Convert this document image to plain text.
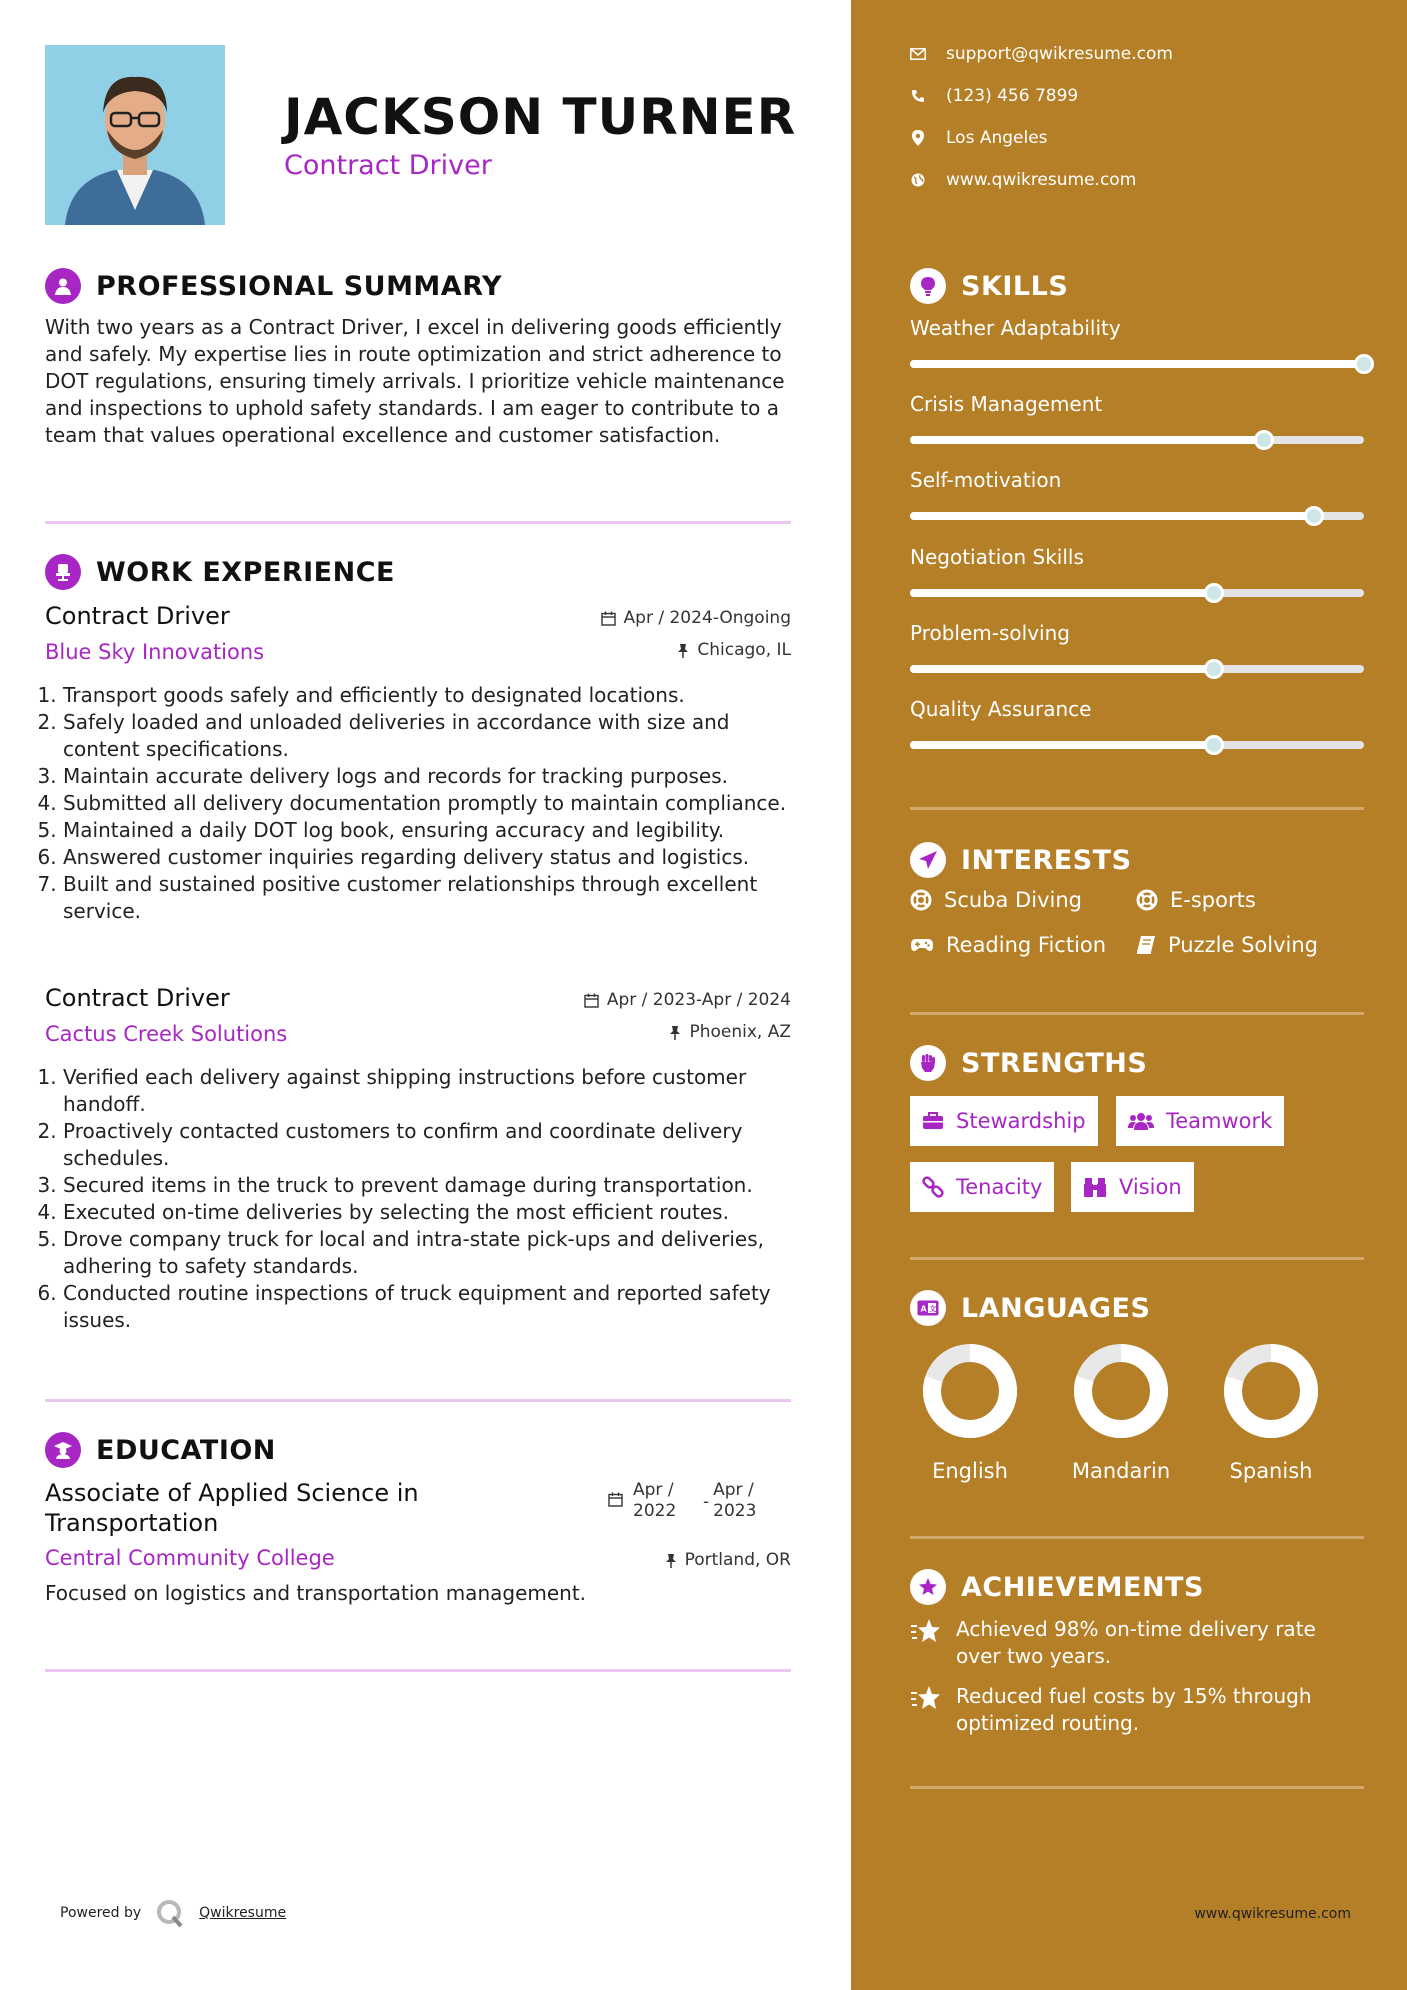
JACKSON TURNER
Contract Driver
PROFESSIONAL SUMMARY

With two years as a Contract Driver, I excel in delivering goods efficiently and safely. My expertise lies in route optimization and strict adherence to DOT regulations, ensuring timely arrivals. I prioritize vehicle maintenance and inspections to uphold safety standards. I am eager to contribute to a team that values operational excellence and customer satisfaction.

WORK EXPERIENCE
Contract Driver
Blue Sky Innovations
Apr / 2024-Ongoing
Chicago, IL
1. Transport goods safely and efficiently to designated locations.
2. Safely loaded and unloaded deliveries in accordance with size and content specifications.
3. Maintain accurate delivery logs and records for tracking purposes.
4. Submitted all delivery documentation promptly to maintain compliance.
5. Maintained a daily DOT log book, ensuring accuracy and legibility.
6. Answered customer inquiries regarding delivery status and logistics.
7. Built and sustained positive customer relationships through excellent service.
Contract Driver
Cactus Creek Solutions
Apr / 2023-Apr / 2024
Phoenix, AZ
1. Verified each delivery against shipping instructions before customer handoff.
2. Proactively contacted customers to confirm and coordinate delivery schedules.
3. Secured items in the truck to prevent damage during transportation.
4. Executed on-time deliveries by selecting the most efficient routes.
5. Drove company truck for local and intra-state pick-ups and deliveries, adhering to safety standards.
6. Conducted routine inspections of truck equipment and reported safety issues.
EDUCATION
Associate of Applied Science in
Transportation
Central Community College
Apr /
2022	-
Apr /
2023
Portland, OR

Focused on logistics and transportation management.

Powered by	Qwikresume	www.qwikresume.com
support@qwikresume.com
(123) 456 7899
Los Angeles
www.qwikresume.com
SKILLS
Weather Adaptability
Crisis Management
Self-motivation
Negotiation Skills
Problem-solving
Quality Assurance
INTERESTS
Scuba Diving	E-sports
Reading Fiction	Puzzle Solving
STRENGTHS
Stewardship	Teamwork
Tenacity	Vision
A 文 LANGUAGES
English	Mandarin	Spanish
ACHIEVEMENTS
Achieved 98% on-time delivery rate over two years.
Reduced fuel costs by 15% through optimized routing.
